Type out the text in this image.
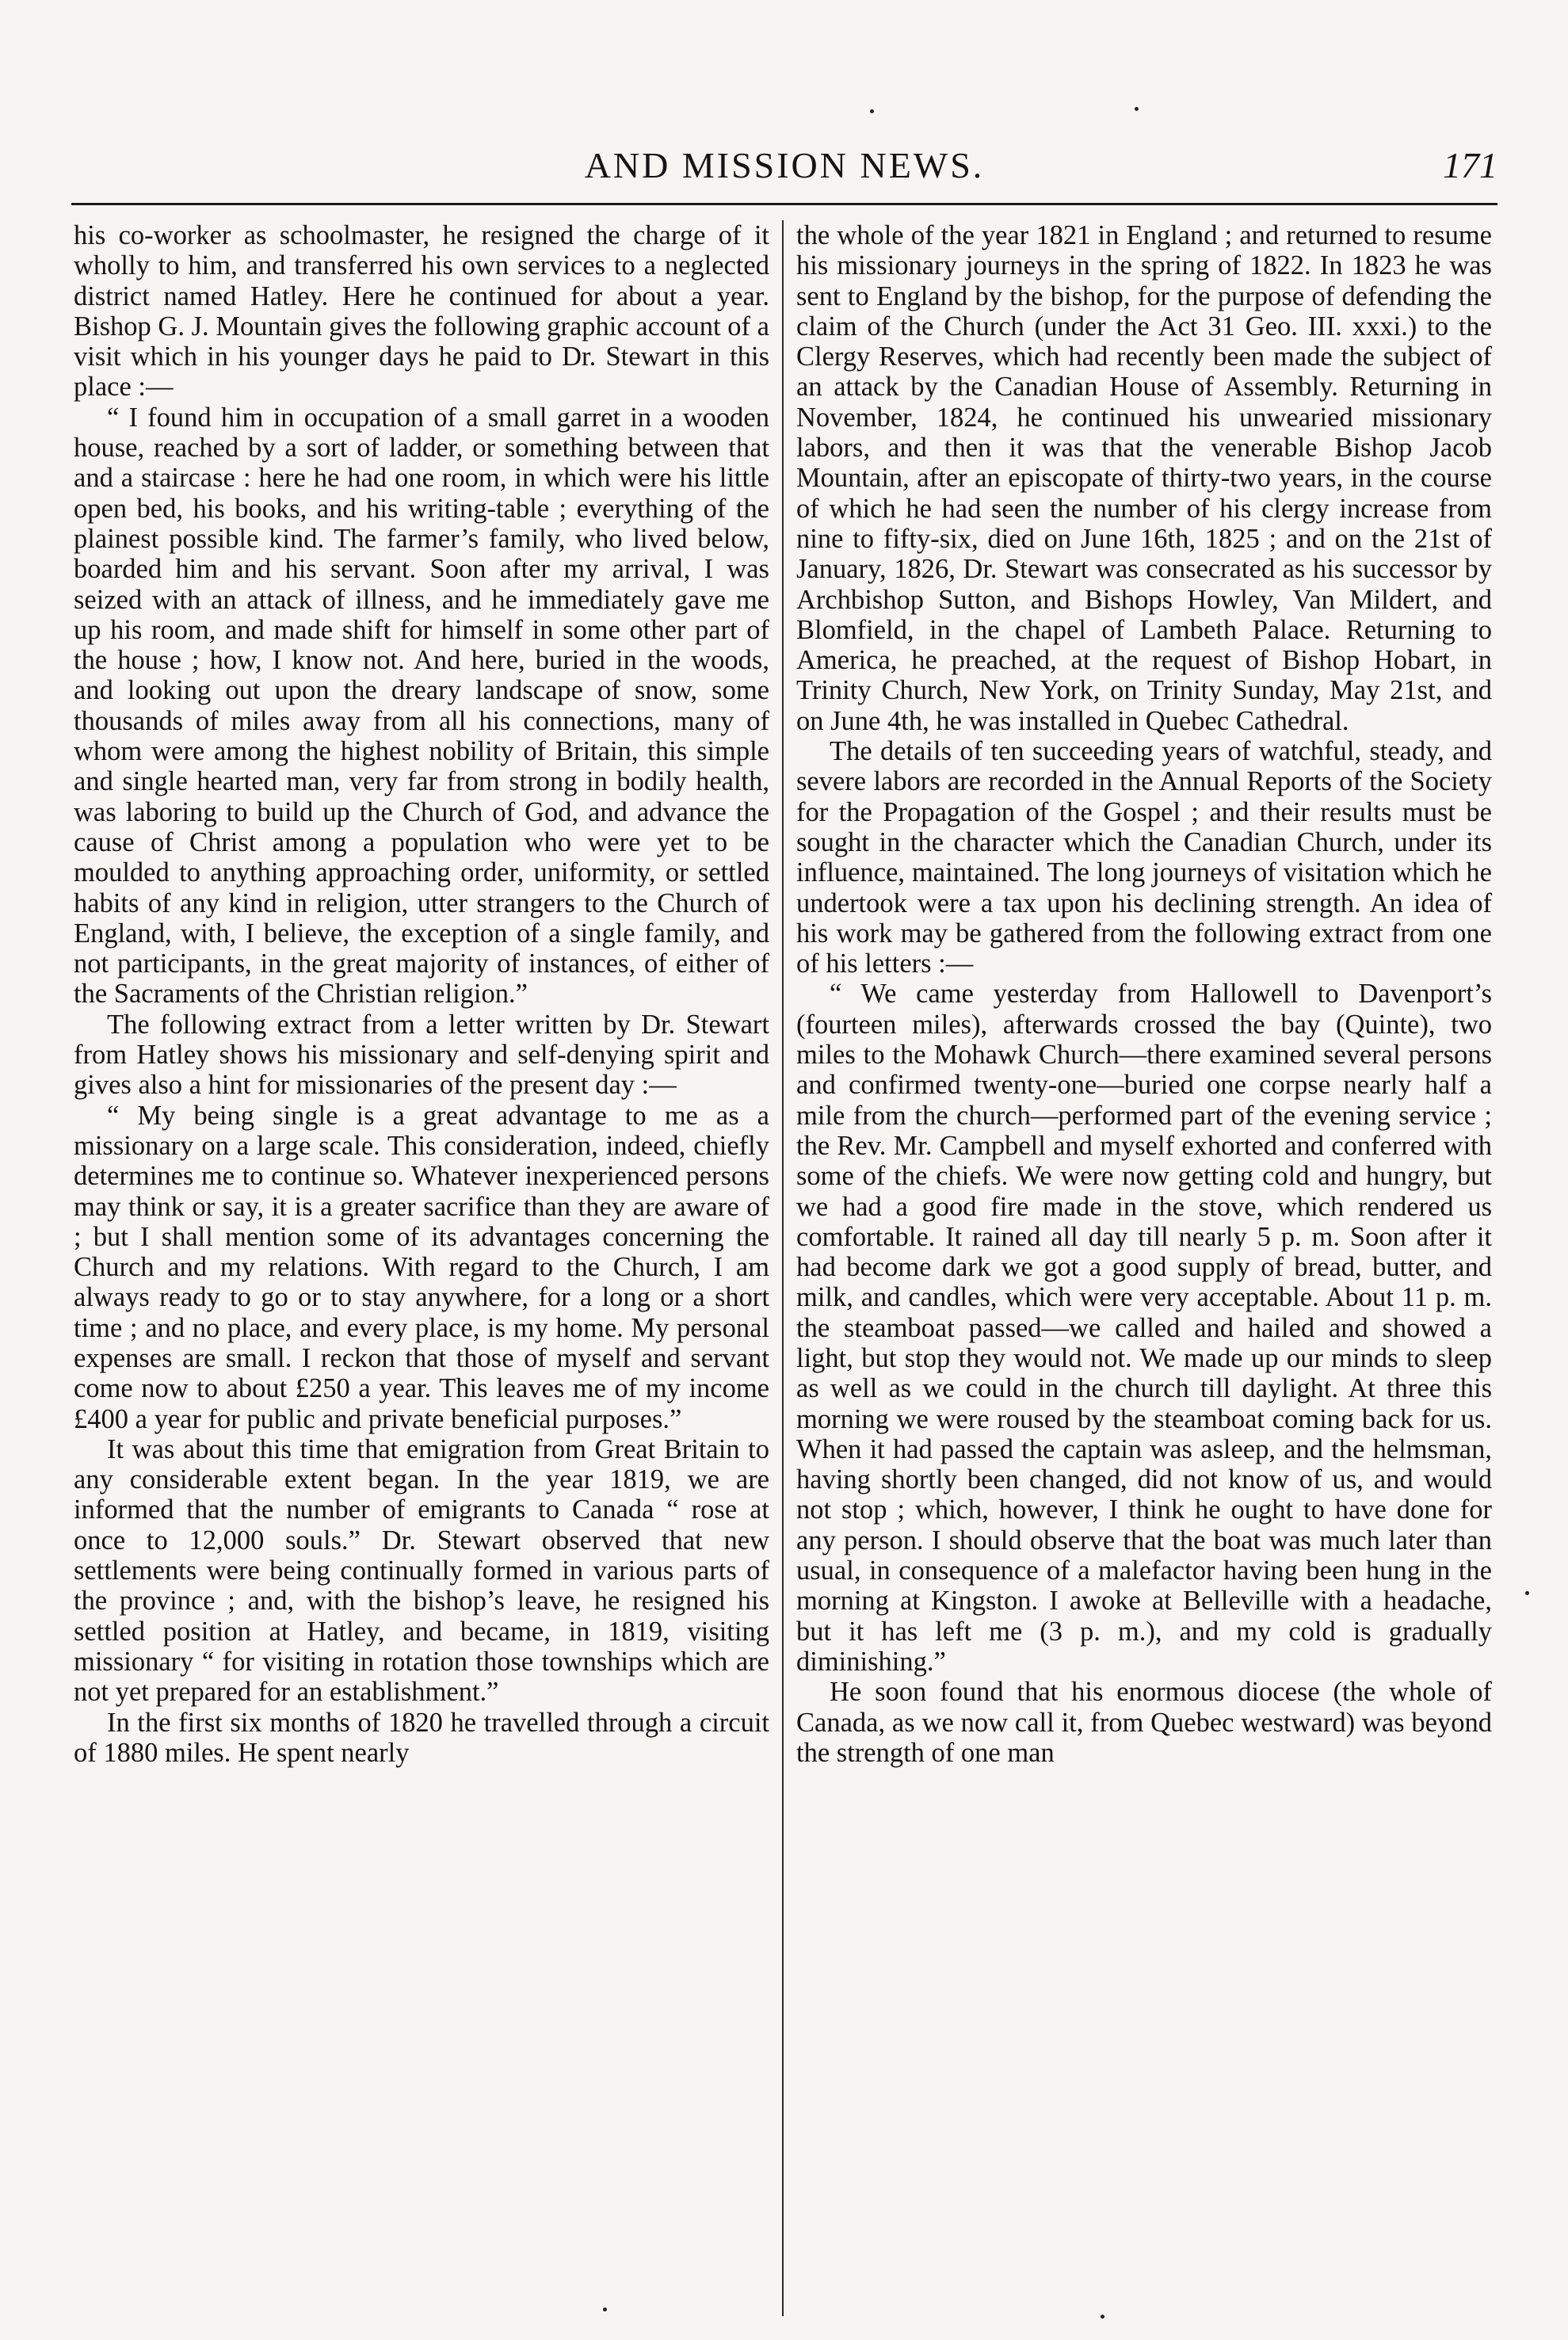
AND MISSION NEWS.	171

his co-worker as schoolmaster, he resigned the charge of it wholly to him, and transferred his own services to a neglected district named Hatley. Here he continued for about a year. Bishop G. J. Mountain gives the following graphic account of a visit which in his younger days he paid to Dr. Stewart in this place :—

“ I found him in occupation of a small garret in a wooden house, reached by a sort of ladder, or something between that and a staircase : here he had one room, in which were his little open bed, his books, and his writing-table ; everything of the plainest possible kind. The farmer’s family, who lived below, boarded him and his servant. Soon after my arrival, I was seized with an attack of illness, and he immediately gave me up his room, and made shift for himself in some other part of the house ; how, I know not. And here, buried in the woods, and looking out upon the dreary landscape of snow, some thousands of miles away from all his connections, many of whom were among the highest nobility of Britain, this simple and single hearted man, very far from strong in bodily health, was laboring to build up the Church of God, and advance the cause of Christ among a population who were yet to be moulded to anything approaching order, uniformity, or settled habits of any kind in religion, utter strangers to the Church of England, with, I believe, the exception of a single family, and not participants, in the great majority of instances, of either of the Sacraments of the Christian religion.”

The following extract from a letter written by Dr. Stewart from Hatley shows his missionary and self-denying spirit and gives also a hint for missionaries of the present day :—

“ My being single is a great advantage to me as a missionary on a large scale. This consideration, indeed, chiefly determines me to continue so. Whatever inexperienced persons may think or say, it is a greater sacrifice than they are aware of ; but I shall mention some of its advantages concerning the Church and my relations. With regard to the Church, I am always ready to go or to stay anywhere, for a long or a short time ; and no place, and every place, is my home. My personal expenses are small. I reckon that those of myself and servant come now to about £250 a year. This leaves me of my income £400 a year for public and private beneficial purposes.”

It was about this time that emigration from Great Britain to any considerable extent began. In the year 1819, we are informed that the number of emigrants to Canada “ rose at once to 12,000 souls.” Dr. Stewart observed that new settlements were being continually formed in various parts of the province ; and, with the bishop’s leave, he resigned his settled position at Hatley, and became, in 1819, visiting missionary “ for visiting in rotation those townships which are not yet prepared for an establishment.”

In the first six months of 1820 he travelled through a circuit of 1880 miles. He spent nearly

the whole of the year 1821 in England ; and returned to resume his missionary journeys in the spring of 1822. In 1823 he was sent to England by the bishop, for the purpose of defending the claim of the Church (under the Act 31 Geo. III. xxxi.) to the Clergy Reserves, which had recently been made the subject of an attack by the Canadian House of Assembly. Returning in November, 1824, he continued his unwearied missionary labors, and then it was that the venerable Bishop Jacob Mountain, after an episcopate of thirty-two years, in the course of which he had seen the number of his clergy increase from nine to fifty-six, died on June 16th, 1825 ; and on the 21st of January, 1826, Dr. Stewart was consecrated as his successor by Archbishop Sutton, and Bishops Howley, Van Mildert, and Blomfield, in the chapel of Lambeth Palace. Returning to America, he preached, at the request of Bishop Hobart, in Trinity Church, New York, on Trinity Sunday, May 21st, and on June 4th, he was installed in Quebec Cathedral.

The details of ten succeeding years of watchful, steady, and severe labors are recorded in the Annual Reports of the Society for the Propagation of the Gospel ; and their results must be sought in the character which the Canadian Church, under its influence, maintained. The long journeys of visitation which he undertook were a tax upon his declining strength. An idea of his work may be gathered from the following extract from one of his letters :—

“ We came yesterday from Hallowell to Davenport’s (fourteen miles), afterwards crossed the bay (Quinte), two miles to the Mohawk Church—there examined several persons and confirmed twenty-one—buried one corpse nearly half a mile from the church—performed part of the evening service ; the Rev. Mr. Campbell and myself exhorted and conferred with some of the chiefs. We were now getting cold and hungry, but we had a good fire made in the stove, which rendered us comfortable. It rained all day till nearly 5 p. m. Soon after it had become dark we got a good supply of bread, butter, and milk, and candles, which were very acceptable. About 11 p. m. the steamboat passed—we called and hailed and showed a light, but stop they would not. We made up our minds to sleep as well as we could in the church till daylight. At three this morning we were roused by the steamboat coming back for us. When it had passed the captain was asleep, and the helmsman, having shortly been changed, did not know of us, and would not stop ; which, however, I think he ought to have done for any person. I should observe that the boat was much later than usual, in consequence of a malefactor having been hung in the morning at Kingston. I awoke at Belleville with a headache, but it has left me (3 p. m.), and my cold is gradually diminishing.”

He soon found that his enormous diocese (the whole of Canada, as we now call it, from Quebec westward) was beyond the strength of one man
